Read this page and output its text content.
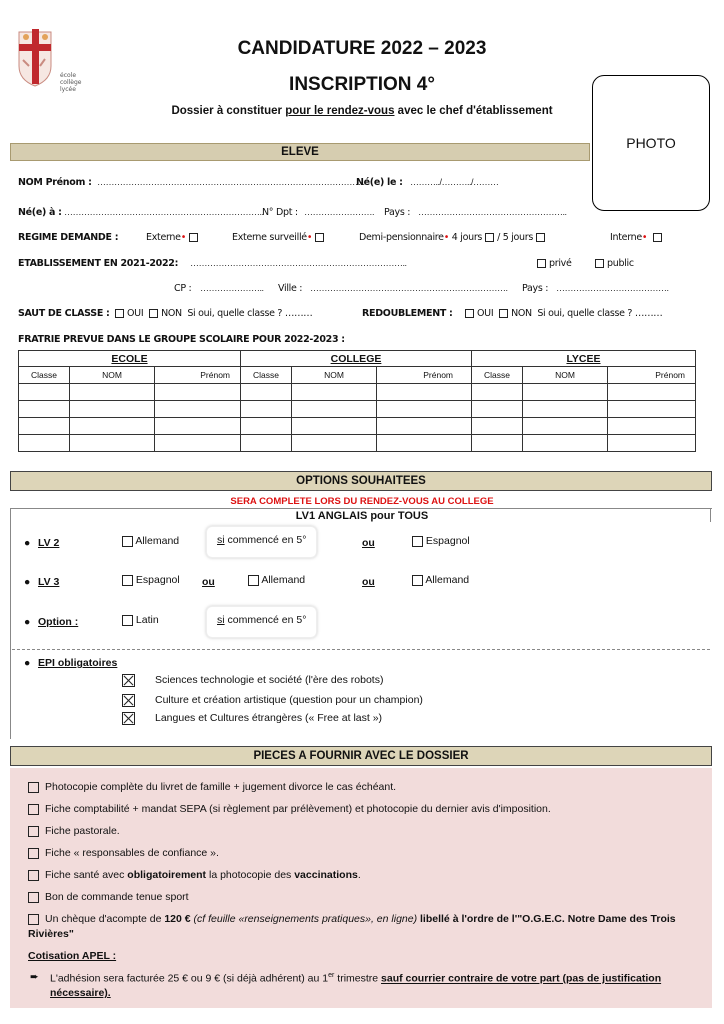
école
collège
lycée
CANDIDATURE 2022 – 2023
INSCRIPTION 4°
Dossier à constituer pour le rendez-vous avec le chef d'établissement
PHOTO
ELEVE
NOM Prénom : …………………………………………………………………………………..
Né(e) le : ………../………../………
Né(e) à : ……………………………………………………………..
N° Dpt : ……………………. Pays : ……………………………………………..
REGIME DEMANDE :	Externe•	Externe surveillé•	Demi-pensionnaire• 4 jours / 5 jours	Interne•
ETABLISSEMENT EN 2021-2022: …………………………………………………………………..	privé	public
CP : ………………….. Ville : ……………………………………………………………. Pays : ………………………………….
SAUT DE CLASSE :	OUI NON Si oui, quelle classe ? ………	REDOUBLEMENT :	OUI NON Si oui, quelle classe ? ………
FRATRIE PREVUE DANS LE GROUPE SCOLAIRE POUR 2022-2023 :
ECOLE			COLLEGE			LYCEE		
Classe	NOM	Prénom	Classe	NOM	Prénom	Classe	NOM	Prénom

OPTIONS SOUHAITEES
SERA COMPLETE LORS DU RENDEZ-VOUS AU COLLEGE
LV1 ANGLAIS pour TOUS
● LV 2	Allemand	si commencé en 5°	ou	Espagnol
● LV 3	Espagnol ou	Allemand	ou	Allemand
● Option :	Latin	si commencé en 5°
● EPI obligatoires
Sciences technologie et société (l'ère des robots)
Culture et création artistique (question pour un champion)
Langues et Cultures étrangères (« Free at last »)
PIECES A FOURNIR AVEC LE DOSSIER
Photocopie complète du livret de famille + jugement divorce le cas échéant.
Fiche comptabilité + mandat SEPA (si règlement par prélèvement) et photocopie du dernier avis d'imposition.
Fiche pastorale.
Fiche « responsables de confiance ».
Fiche santé avec obligatoirement la photocopie des vaccinations.
Bon de commande tenue sport
Un chèque d'acompte de 120 € (cf feuille «renseignements pratiques», en ligne) libellé à l'ordre de l'"O.G.E.C. Notre Dame des Trois
Rivières"
Cotisation APEL :
➨ L'adhésion sera facturée 25 € ou 9 € (si déjà adhérent) au 1er trimestre sauf courrier contraire de votre part (pas de justification
nécessaire).
